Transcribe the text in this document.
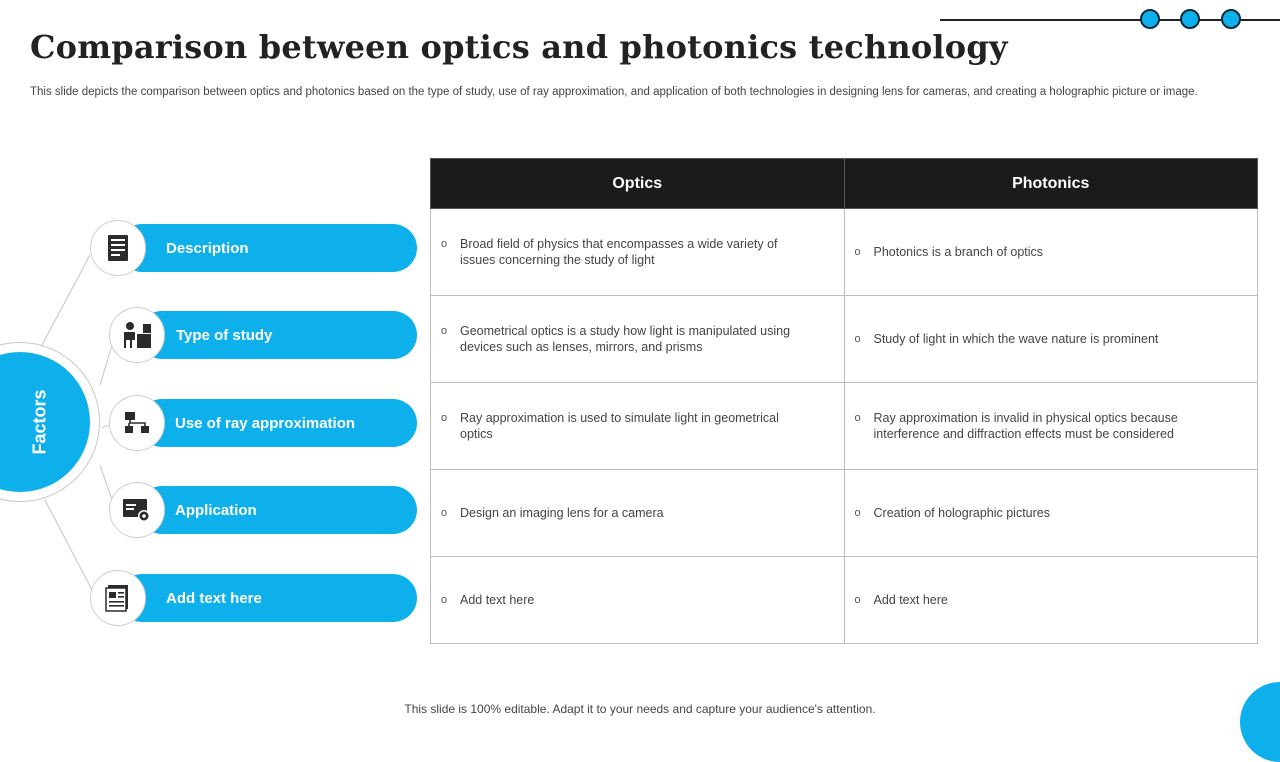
Comparison between optics and photonics technology

This slide depicts the comparison between optics and photonics based on the type of study, use of ray approximation, and application of both technologies in designing lens for cameras, and creating a holographic picture or image.

Factors
Description
Type of study
Use of ray approximation
Application
Add text here
Optics	Photonics

o Broad field of physics that encompasses a wide variety of issues concerning the study of light	o Photonics is a branch of optics

o Geometrical optics is a study how light is manipulated using devices such as lenses, mirrors, and prisms	o Study of light in which the wave nature is prominent

o Ray approximation is used to simulate light in geometrical optics	o Ray approximation is invalid in physical optics because interference and diffraction effects must be considered

o Design an imaging lens for a camera	o Creation of holographic pictures

o Add text here	o Add text here
This slide is 100% editable. Adapt it to your needs and capture your audience's attention.
